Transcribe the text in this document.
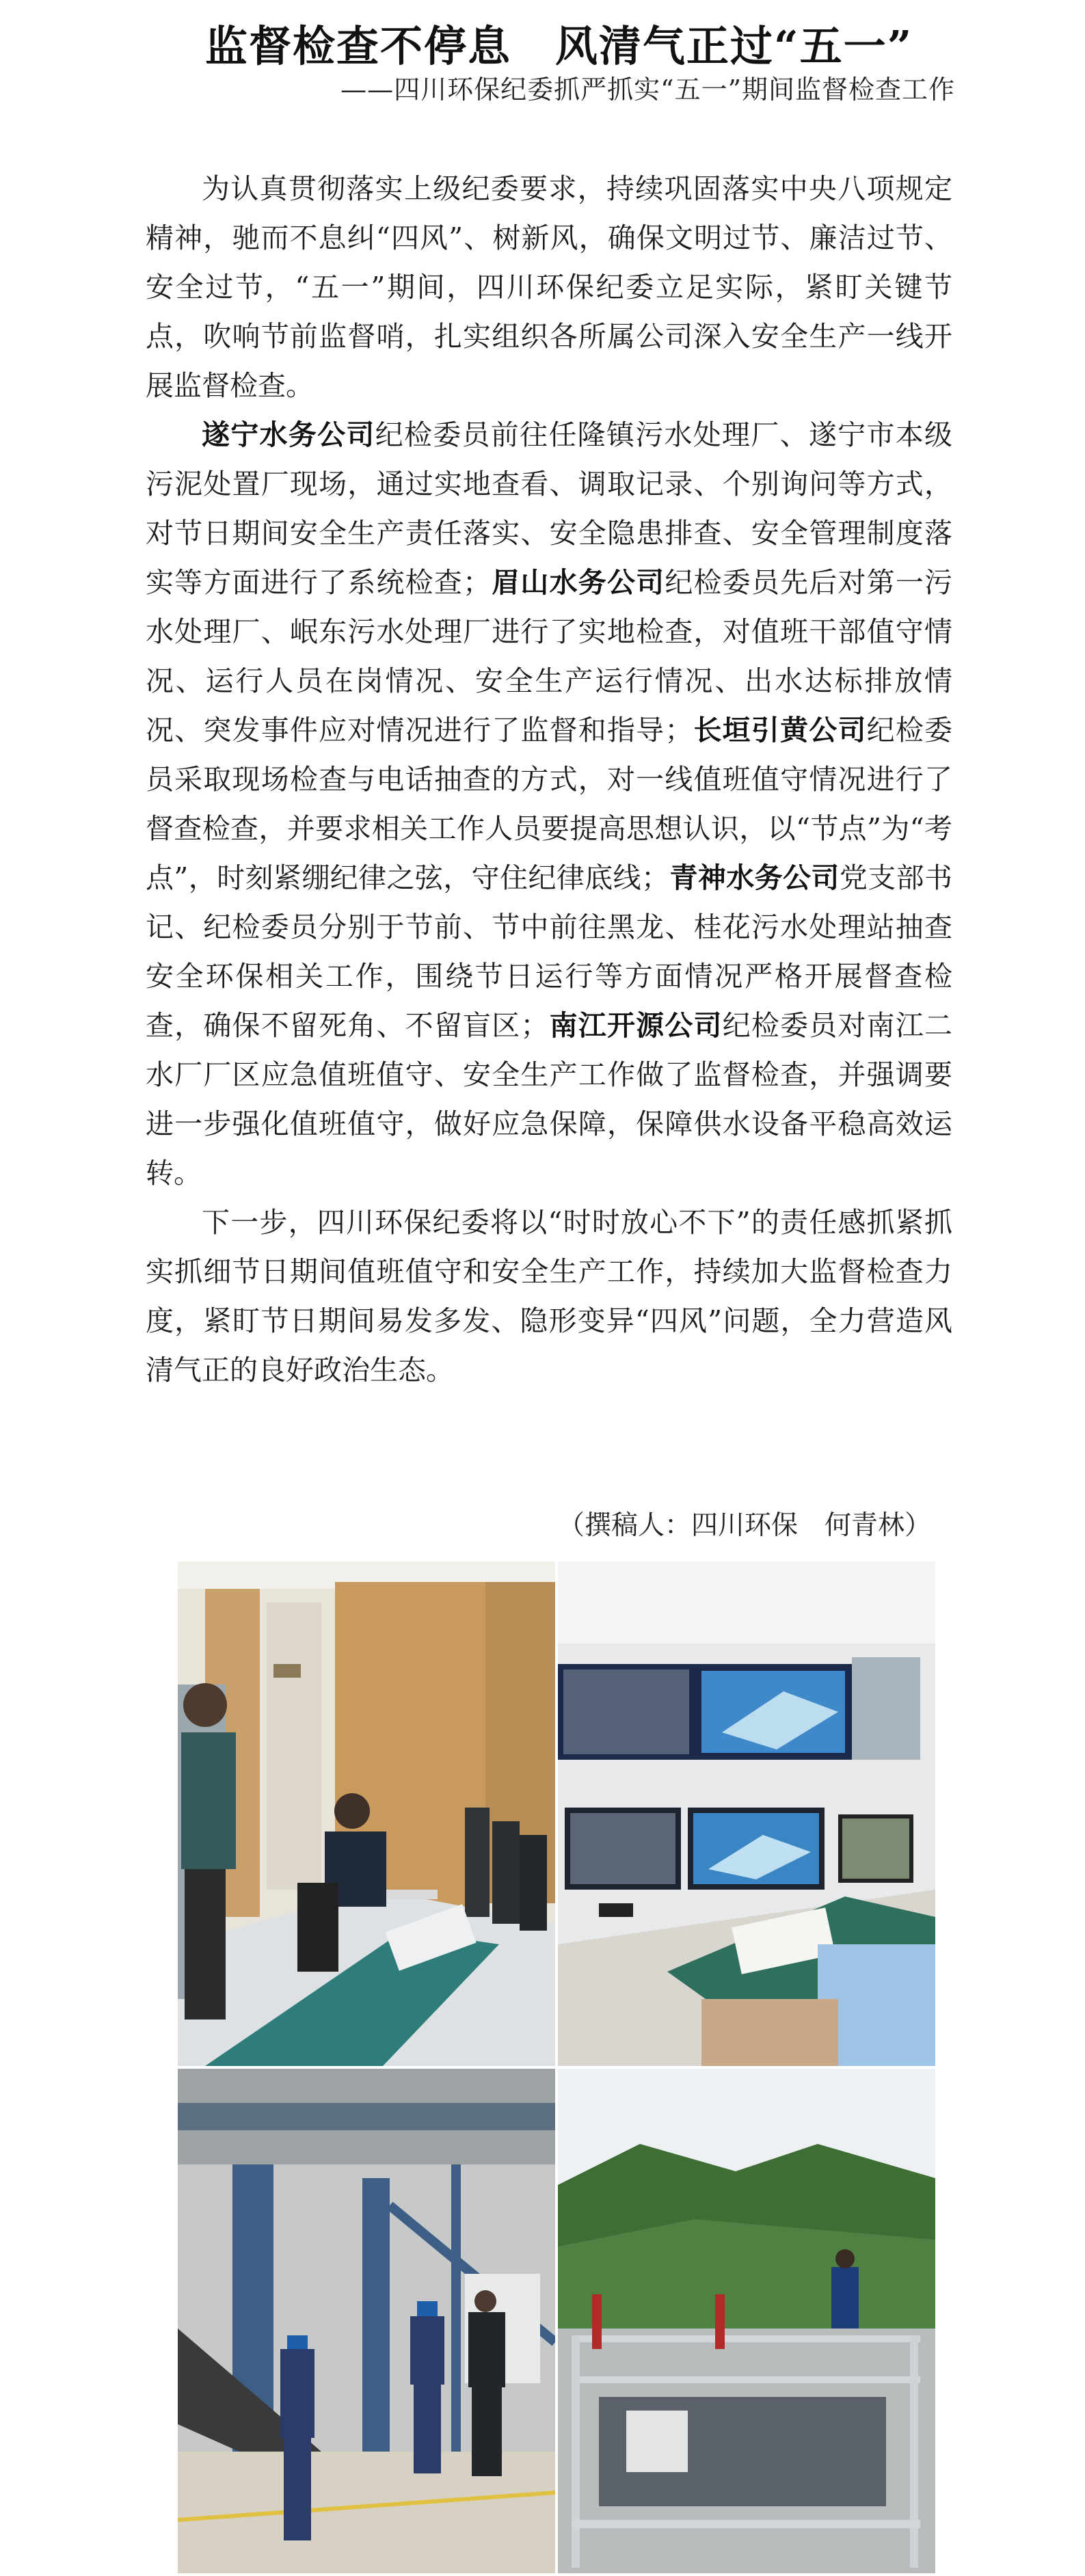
监督检查不停息　风清气正过“五一”
——四川环保纪委抓严抓实“五一”期间监督检查工作

为认真贯彻落实上级纪委要求，持续巩固落实中央八项规定精神，驰而不息纠“四风”、树新风，确保文明过节、廉洁过节、安全过节，“五一”期间，四川环保纪委立足实际，紧盯关键节点，吹响节前监督哨，扎实组织各所属公司深入安全生产一线开展监督检查。

遂宁水务公司纪检委员前往任隆镇污水处理厂、遂宁市本级污泥处置厂现场，通过实地查看、调取记录、个别询问等方式，对节日期间安全生产责任落实、安全隐患排查、安全管理制度落实等方面进行了系统检查；眉山水务公司纪检委员先后对第一污水处理厂、岷东污水处理厂进行了实地检查，对值班干部值守情况、运行人员在岗情况、安全生产运行情况、出水达标排放情况、突发事件应对情况进行了监督和指导；长垣引黄公司纪检委员采取现场检查与电话抽查的方式，对一线值班值守情况进行了督查检查，并要求相关工作人员要提高思想认识，以“节点”为“考点”，时刻紧绷纪律之弦，守住纪律底线；青神水务公司党支部书记、纪检委员分别于节前、节中前往黑龙、桂花污水处理站抽查安全环保相关工作，围绕节日运行等方面情况严格开展督查检查，确保不留死角、不留盲区；南江开源公司纪检委员对南江二水厂厂区应急值班值守、安全生产工作做了监督检查，并强调要进一步强化值班值守，做好应急保障，保障供水设备平稳高效运转。

下一步，四川环保纪委将以“时时放心不下”的责任感抓紧抓实抓细节日期间值班值守和安全生产工作，持续加大监督检查力度，紧盯节日期间易发多发、隐形变异“四风”问题，全力营造风清气正的良好政治生态。

（撰稿人：四川环保　何青林）
